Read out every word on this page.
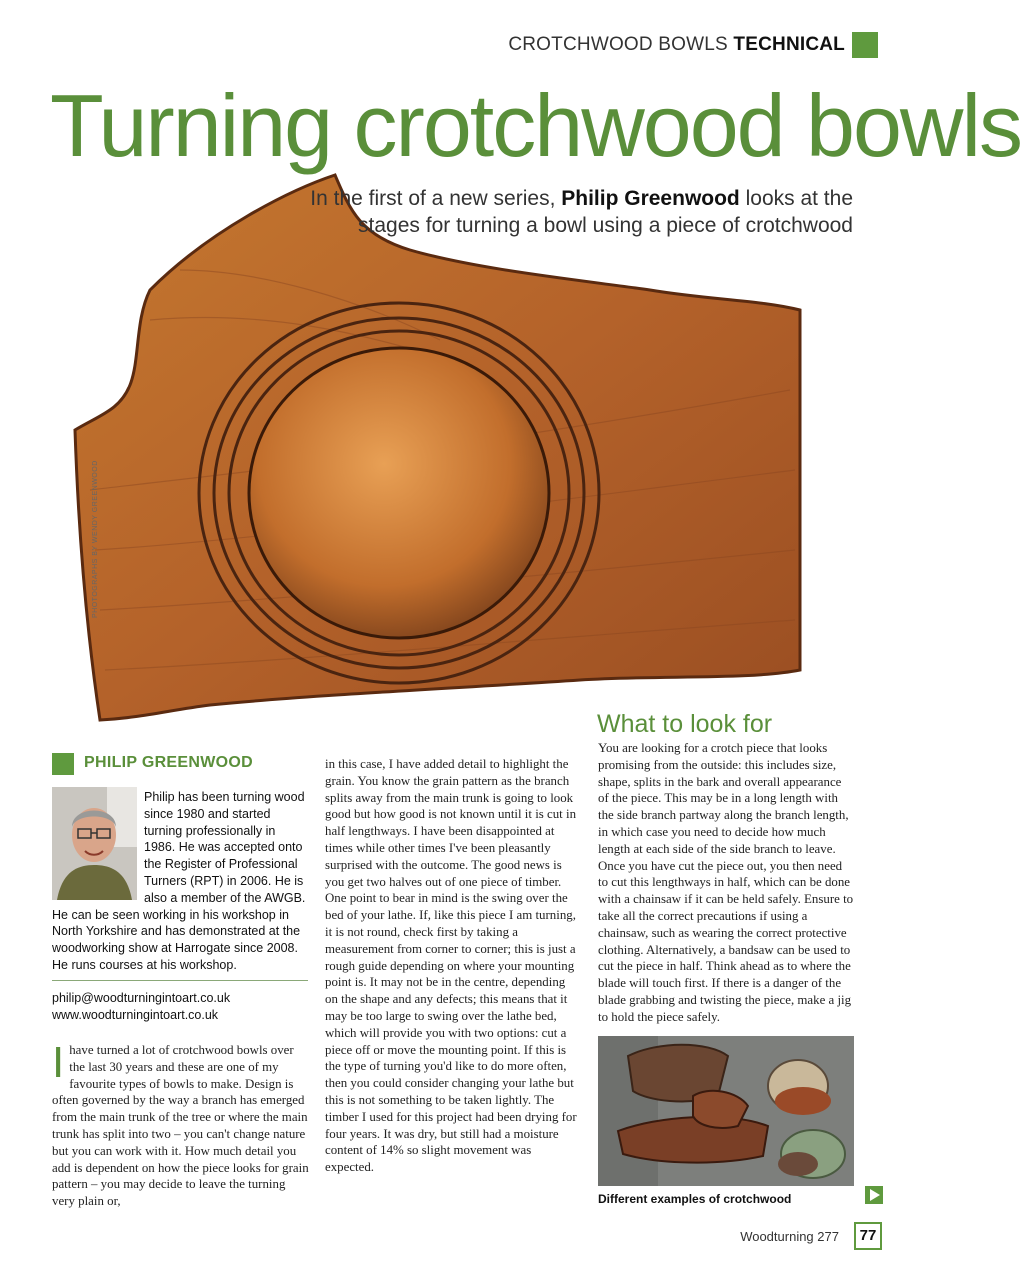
CROTCHWOOD BOWLS TECHNICAL
Turning crotchwood bowls
In the first of a new series, Philip Greenwood looks at the stages for turning a bowl using a piece of crotchwood
PHOTOGRAPHS BY WENDY GREENWOOD
PHILIP GREENWOOD
Philip has been turning wood since 1980 and started turning professionally in 1986. He was accepted onto the Register of Professional Turners (RPT) in 2006. He is also a member of the AWGB. He can be seen working in his workshop in North Yorkshire and has demonstrated at the woodworking show at Harrogate since 2008. He runs courses at his workshop.
philip@woodturningintoart.co.uk
www.woodturningintoart.co.uk
Ihave turned a lot of crotchwood bowls over the last 30 years and these are one of my favourite types of bowls to make. Design is often governed by the way a branch has emerged from the main trunk of the tree or where the main trunk has split into two – you can't change nature but you can work with it. How much detail you add is dependent on how the piece looks for grain pattern – you may decide to leave the turning very plain or,
in this case, I have added detail to highlight the grain. You know the grain pattern as the branch splits away from the main trunk is going to look good but how good is not known until it is cut in half lengthways. I have been disappointed at times while other times I've been pleasantly surprised with the outcome. The good news is you get two halves out of one piece of timber. One point to bear in mind is the swing over the bed of your lathe. If, like this piece I am turning, it is not round, check first by taking a measurement from corner to corner; this is just a rough guide depending on where your mounting point is. It may not be in the centre, depending on the shape and any defects; this means that it may be too large to swing over the lathe bed, which will provide you with two options: cut a piece off or move the mounting point. If this is the type of turning you'd like to do more often, then you could consider changing your lathe but this is not something to be taken lightly. The timber I used for this project had been drying for four years. It was dry, but still had a moisture content of 14% so slight movement was expected.
What to look for
You are looking for a crotch piece that looks promising from the outside: this includes size, shape, splits in the bark and overall appearance of the piece. This may be in a long length with the side branch partway along the branch length, in which case you need to decide how much length at each side of the side branch to leave. Once you have cut the piece out, you then need to cut this lengthways in half, which can be done with a chainsaw if it can be held safely. Ensure to take all the correct precautions if using a chainsaw, such as wearing the correct protective clothing. Alternatively, a bandsaw can be used to cut the piece in half. Think ahead as to where the blade will touch first. If there is a danger of the blade grabbing and twisting the piece, make a jig to hold the piece safely.
Different examples of crotchwood
Woodturning 277	77
